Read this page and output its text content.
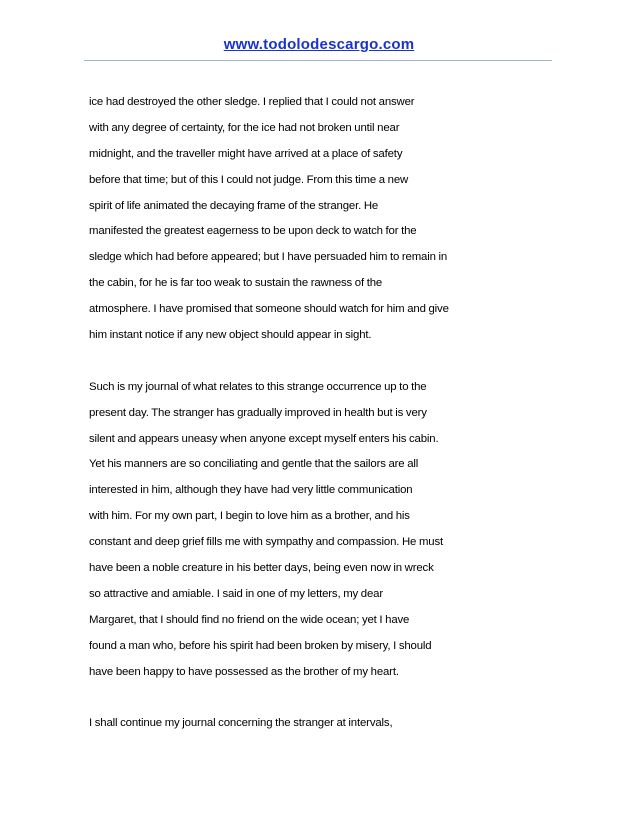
www.todolodescargo.com
ice had destroyed the other sledge. I replied that I could not answer
with any degree of certainty, for the ice had not broken until near
midnight, and the traveller might have arrived at a place of safety
before that time; but of this I could not judge. From this time a new
spirit of life animated the decaying frame of the stranger. He
manifested the greatest eagerness to be upon deck to watch for the
sledge which had before appeared; but I have persuaded him to remain in
the cabin, for he is far too weak to sustain the rawness of the
atmosphere. I have promised that someone should watch for him and give
him instant notice if any new object should appear in sight.
Such is my journal of what relates to this strange occurrence up to the
present day. The stranger has gradually improved in health but is very
silent and appears uneasy when anyone except myself enters his cabin.
Yet his manners are so conciliating and gentle that the sailors are all
interested in him, although they have had very little communication
with him. For my own part, I begin to love him as a brother, and his
constant and deep grief fills me with sympathy and compassion. He must
have been a noble creature in his better days, being even now in wreck
so attractive and amiable. I said in one of my letters, my dear
Margaret, that I should find no friend on the wide ocean; yet I have
found a man who, before his spirit had been broken by misery, I should
have been happy to have possessed as the brother of my heart.
I shall continue my journal concerning the stranger at intervals,
